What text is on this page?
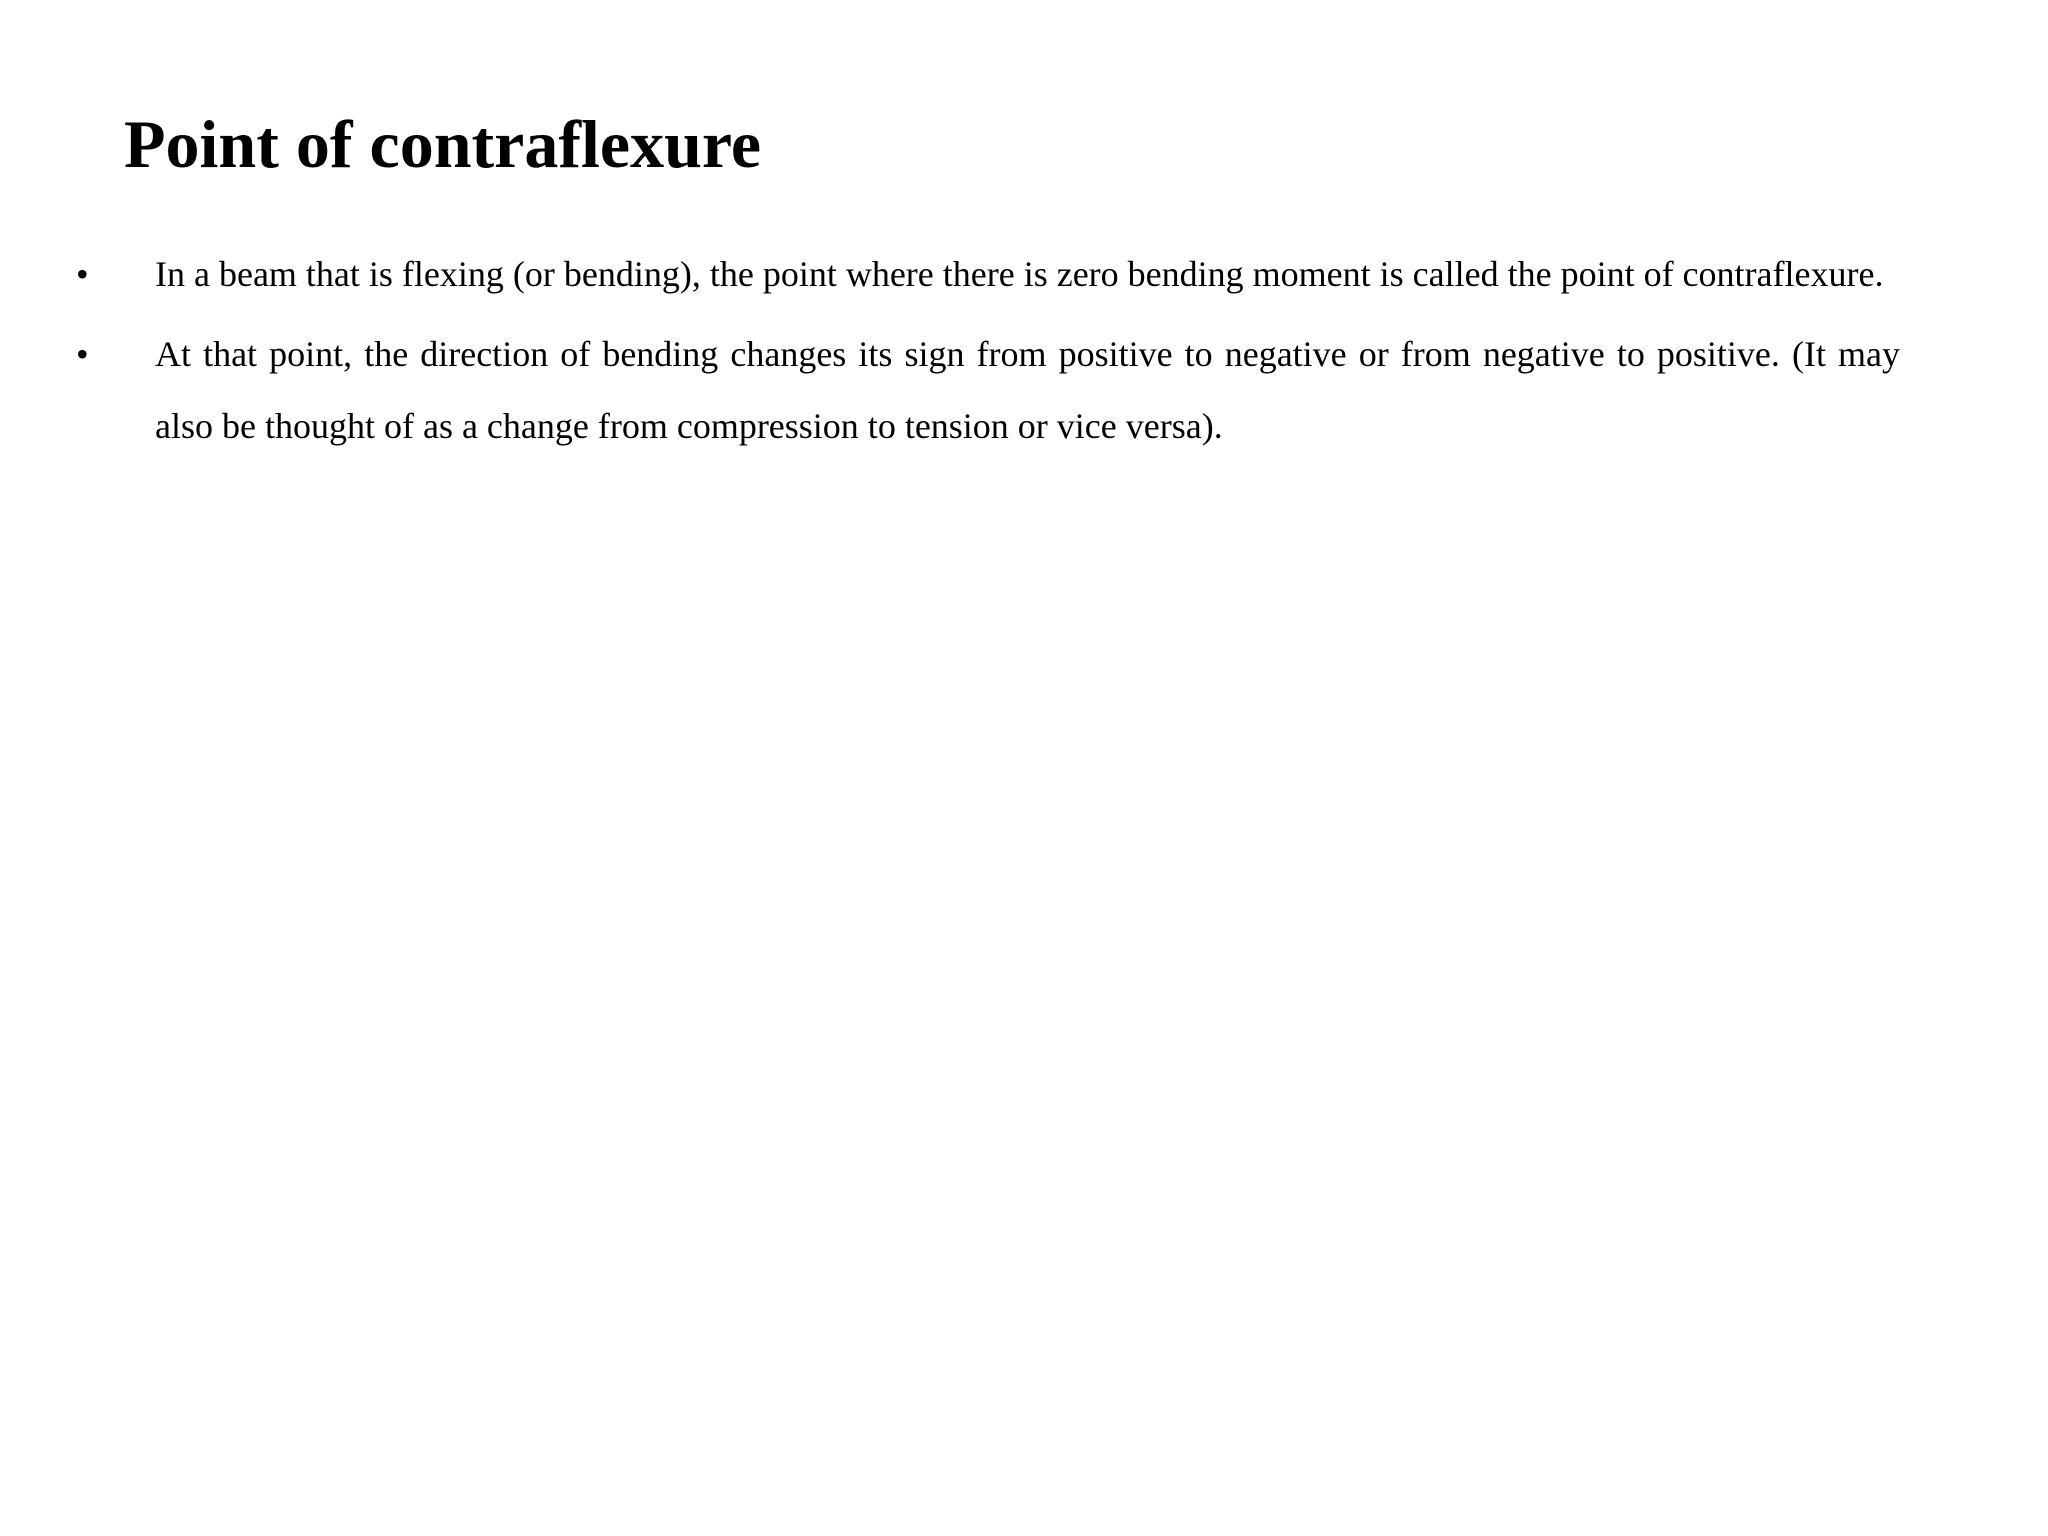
Point of contraflexure
• In a beam that is flexing (or bending), the point where there is zero bending moment is called the point of contraflexure.
• At that point, the direction of bending changes its sign from positive to negative or from negative to positive. (It may also be thought of as a change from compression to tension or vice versa).
